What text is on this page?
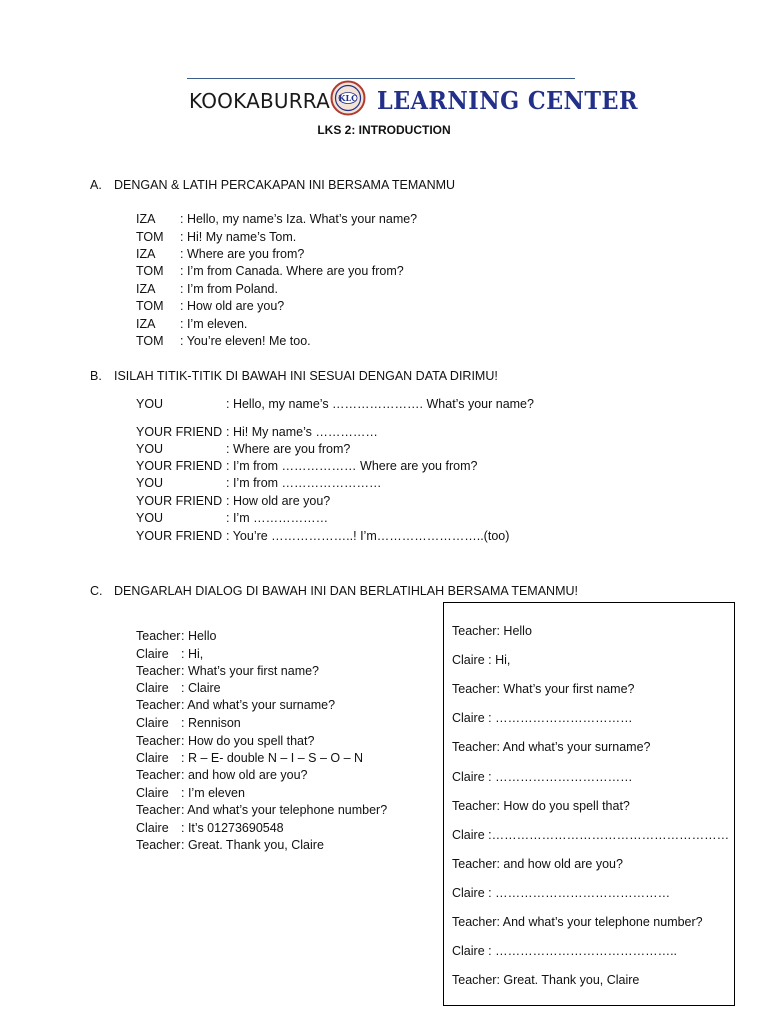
KOOKABURRA KLC LEARNING CENTER
LKS 2: INTRODUCTION
A. DENGAN & LATIH PERCAKAPAN INI BERSAMA TEMANMU
IZA : Hello, my name’s Iza. What’s your name?
TOM : Hi! My name’s Tom.
IZA : Where are you from?
TOM : I’m from Canada. Where are you from?
IZA : I’m from Poland.
TOM : How old are you?
IZA : I’m eleven.
TOM : You’re eleven! Me too.
B. ISILAH TITIK-TITIK DI BAWAH INI SESUAI DENGAN DATA DIRIMU!
YOU	: Hello, my name’s …………………. What’s your name?
YOUR FRIEND : Hi! My name’s ……………
YOU	: Where are you from?
YOUR FRIEND : I’m from ……………… Where are you from?
YOU	: I’m from ……………………
YOUR FRIEND : How old are you?
YOU	: I’m ………………
YOUR FRIEND : You’re ………………..! I’m……………………..(too)
C. DENGARLAH DIALOG DI BAWAH INI DAN BERLATIHLAH BERSAMA TEMANMU!
Teacher : Hello
Claire : Hi,
Teacher : What’s your first name?
Claire : Claire
Teacher : And what’s your surname?
Claire : Rennison
Teacher : How do you spell that?
Claire : R – E- double N – I – S – O – N
Teacher : and how old are you?
Claire : I’m eleven
Teacher : And what’s your telephone number?
Claire : It’s 01273690548
Teacher : Great. Thank you, Claire
Teacher: Hello
Claire : Hi,
Teacher: What’s your first name?
Claire : ……………………………
Teacher: And what’s your surname?
Claire : ……………………………
Teacher: How do you spell that?
Claire :…………………………………………………
Teacher: and how old are you?
Claire : ……………………………………
Teacher: And what’s your telephone number?
Claire : ……………………………………..
Teacher: Great. Thank you, Claire
